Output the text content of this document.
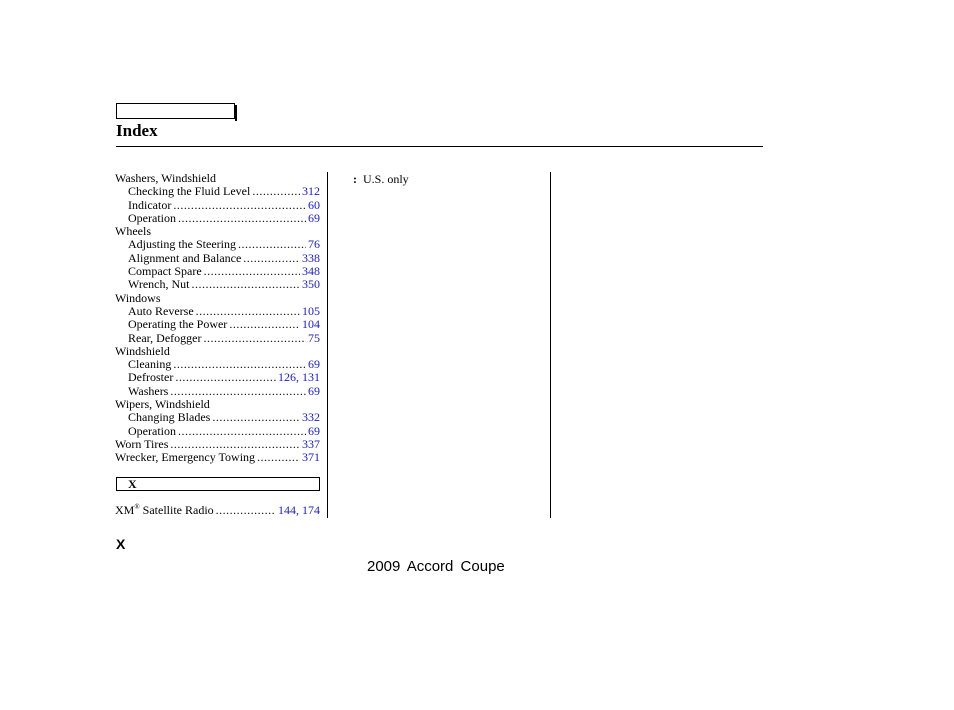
Index
Washers, Windshield
Checking the Fluid Level .....	312
Indicator .....	60
Operation .....	69
Wheels
Adjusting the Steering .....	76
Alignment and Balance .....	338
Compact Spare .....	348
Wrench, Nut .....	350
Windows
Auto Reverse .....	105
Operating the Power .....	104
Rear, Defogger .....	75
Windshield
Cleaning .....	69
Defroster .....	126, 131
Washers .....	69
Wipers, Windshield
Changing Blades .....	332
Operation .....	69
Worn Tires .....	337
Wrecker, Emergency Towing .....	371
X
XM® Satellite Radio .....	144, 174
: U.S. only
X
2009 Accord Coupe
